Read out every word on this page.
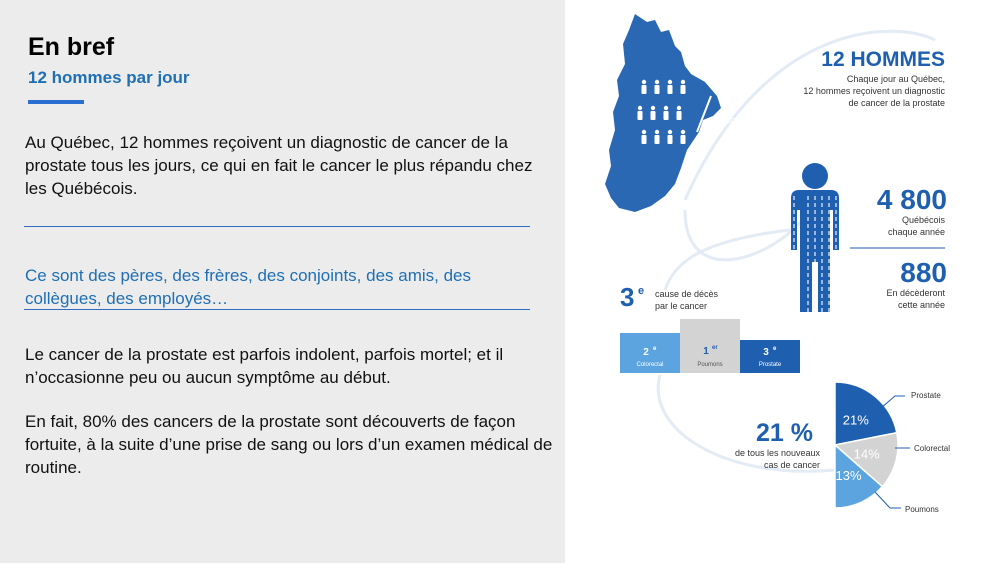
En bref
12 hommes par jour

Au Québec, 12 hommes reçoivent un diagnostic de cancer de la prostate tous les jours, ce qui en fait le cancer le plus répandu chez les Québécois.

Ce sont des pères, des frères, des conjoints, des amis, des collègues, des employés…

Le cancer de la prostate est parfois indolent, parfois mortel; et il n’occasionne peu ou aucun symptôme au début.

En fait, 80% des cancers de la prostate sont découverts de façon fortuite, à la suite d’une prise de sang ou lors d’un examen médical de routine.

JOUR
12 HOMMES
Chaque jour au Québec,
12 hommes reçoivent un diagnostic
de cancer de la prostate
4 800
Québécois
chaque année
880
En décèderont
cette année
3 e cause de décès
par le cancer
2 e
Colorectal
1 er
Poumons
3 e
Prostate
21 %
de tous les nouveaux
cas de cancer
21%
14%
13%
Prostate
Colorectal
Poumons
